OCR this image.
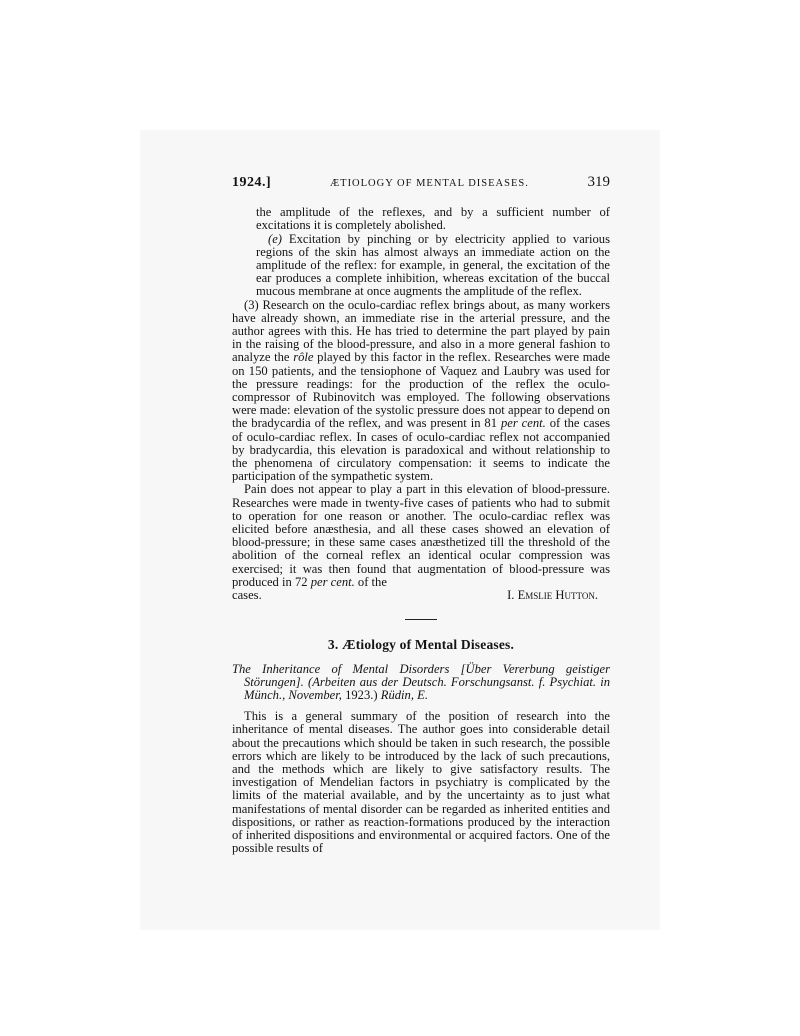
1924.]	ÆTIOLOGY OF MENTAL DISEASES.	319

the amplitude of the reflexes, and by a sufficient number of excitations it is completely abolished.

(e) Excitation by pinching or by electricity applied to various regions of the skin has almost always an immediate action on the amplitude of the reflex: for example, in general, the excitation of the ear produces a complete inhibition, whereas excitation of the buccal mucous membrane at once augments the amplitude of the reflex.

(3) Research on the oculo-cardiac reflex brings about, as many workers have already shown, an immediate rise in the arterial pressure, and the author agrees with this. He has tried to determine the part played by pain in the raising of the blood-pressure, and also in a more general fashion to analyze the rôle played by this factor in the reflex. Researches were made on 150 patients, and the tensiophone of Vaquez and Laubry was used for the pressure readings: for the production of the reflex the oculo-compressor of Rubinovitch was employed. The following observations were made: elevation of the systolic pressure does not appear to depend on the bradycardia of the reflex, and was present in 81 per cent. of the cases of oculo-cardiac reflex. In cases of oculo-cardiac reflex not accompanied by bradycardia, this elevation is paradoxical and without relationship to the phenomena of circulatory compensation: it seems to indicate the participation of the sympathetic system.

Pain does not appear to play a part in this elevation of blood-pressure. Researches were made in twenty-five cases of patients who had to submit to operation for one reason or another. The oculo-cardiac reflex was elicited before anæsthesia, and all these cases showed an elevation of blood-pressure; in these same cases anæsthetized till the threshold of the abolition of the corneal reflex an identical ocular compression was exercised; it was then found that augmentation of blood-pressure was produced in 72 per cent. of the

cases.	I. Emslie Hutton.
3. Ætiology of Mental Diseases.

The Inheritance of Mental Disorders [Über Vererbung geistiger Störungen]. (Arbeiten aus der Deutsch. Forschungsanst. f. Psychiat. in Münch., November, 1923.) Rüdin, E.

This is a general summary of the position of research into the inheritance of mental diseases. The author goes into considerable detail about the precautions which should be taken in such research, the possible errors which are likely to be introduced by the lack of such precautions, and the methods which are likely to give satisfactory results. The investigation of Mendelian factors in psychiatry is complicated by the limits of the material available, and by the uncertainty as to just what manifestations of mental disorder can be regarded as inherited entities and dispositions, or rather as reaction-formations produced by the interaction of inherited dispositions and environmental or acquired factors. One of the possible results of
